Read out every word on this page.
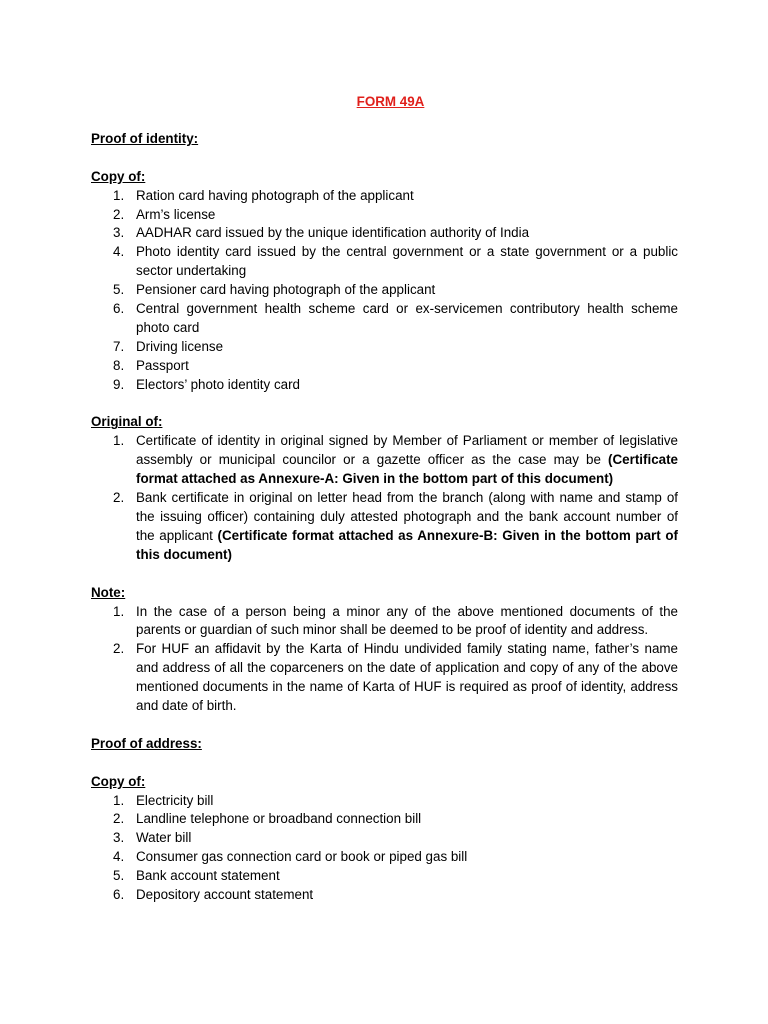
FORM 49A
Proof of identity:
Copy of:
1. Ration card having photograph of the applicant
2. Arm’s license
3. AADHAR card issued by the unique identification authority of India
4. Photo identity card issued by the central government or a state government or a public sector undertaking
5. Pensioner card having photograph of the applicant
6. Central government health scheme card or ex-servicemen contributory health scheme photo card
7. Driving license
8. Passport
9. Electors’ photo identity card
Original of:
1. Certificate of identity in original signed by Member of Parliament or member of legislative assembly or municipal councilor or a gazette officer as the case may be (Certificate format attached as Annexure-A: Given in the bottom part of this document)
2. Bank certificate in original on letter head from the branch (along with name and stamp of the issuing officer) containing duly attested photograph and the bank account number of the applicant (Certificate format attached as Annexure-B: Given in the bottom part of this document)
Note:
1. In the case of a person being a minor any of the above mentioned documents of the parents or guardian of such minor shall be deemed to be proof of identity and address.
2. For HUF an affidavit by the Karta of Hindu undivided family stating name, father’s name and address of all the coparceners on the date of application and copy of any of the above mentioned documents in the name of Karta of HUF is required as proof of identity, address and date of birth.
Proof of address:
Copy of:
1. Electricity bill
2. Landline telephone or broadband connection bill
3. Water bill
4. Consumer gas connection card or book or piped gas bill
5. Bank account statement
6. Depository account statement
